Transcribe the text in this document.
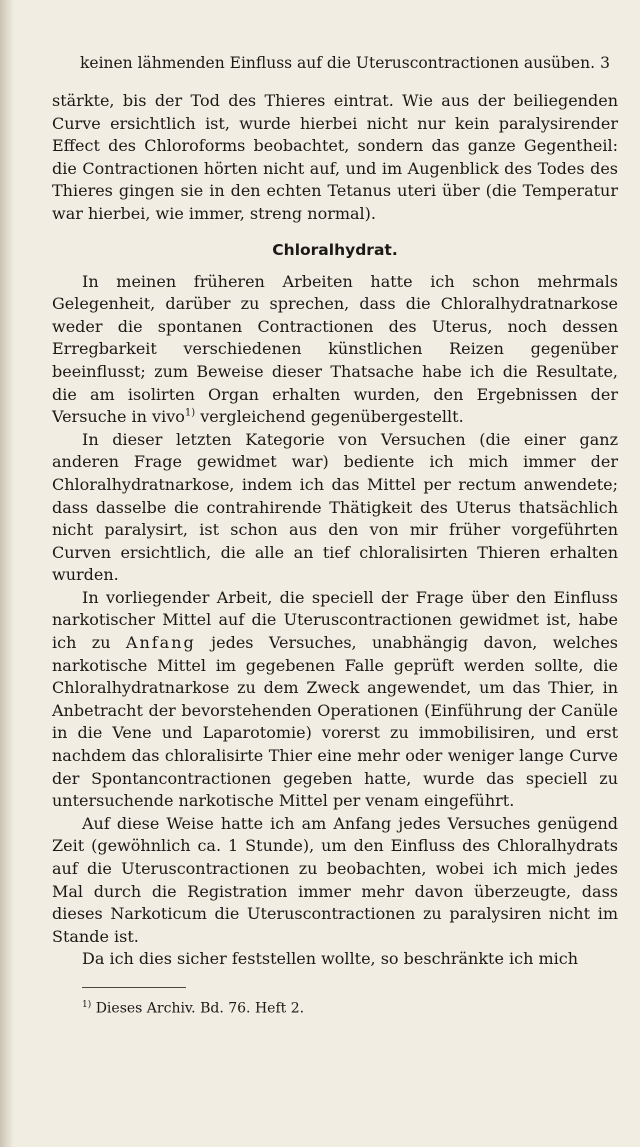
keinen lähmenden Einfluss auf die Uteruscontractionen ausüben. 3

stärkte, bis der Tod des Thieres eintrat. Wie aus der beiliegenden Curve ersichtlich ist, wurde hierbei nicht nur kein paralysirender Effect des Chloroforms beobachtet, sondern das ganze Gegentheil: die Contractionen hörten nicht auf, und im Augenblick des Todes des Thieres gingen sie in den echten Tetanus uteri über (die Temperatur war hierbei, wie immer, streng normal).

Chloralhydrat.

In meinen früheren Arbeiten hatte ich schon mehrmals Gelegenheit, darüber zu sprechen, dass die Chloralhydratnarkose weder die spontanen Contractionen des Uterus, noch dessen Erregbarkeit verschiedenen künstlichen Reizen gegenüber beeinflusst; zum Beweise dieser Thatsache habe ich die Resultate, die am isolirten Organ erhalten wurden, den Ergebnissen der Versuche in vivo$^{1)}$ vergleichend gegenübergestellt.

In dieser letzten Kategorie von Versuchen (die einer ganz anderen Frage gewidmet war) bediente ich mich immer der Chloralhydratnarkose, indem ich das Mittel per rectum anwendete; dass dasselbe die contrahirende Thätigkeit des Uterus thatsächlich nicht paralysirt, ist schon aus den von mir früher vorgeführten Curven ersichtlich, die alle an tief chloralisirten Thieren erhalten wurden.

In vorliegender Arbeit, die speciell der Frage über den Einfluss narkotischer Mittel auf die Uteruscontractionen gewidmet ist, habe ich zu Anfang jedes Versuches, unabhängig davon, welches narkotische Mittel im gegebenen Falle geprüft werden sollte, die Chloralhydratnarkose zu dem Zweck angewendet, um das Thier, in Anbetracht der bevorstehenden Operationen (Einführung der Canüle in die Vene und Laparotomie) vorerst zu immobilisiren, und erst nachdem das chloralisirte Thier eine mehr oder weniger lange Curve der Spontancontractionen gegeben hatte, wurde das speciell zu untersuchende narkotische Mittel per venam eingeführt.

Auf diese Weise hatte ich am Anfang jedes Versuches genügend Zeit (gewöhnlich ca. 1 Stunde), um den Einfluss des Chloralhydrats auf die Uteruscontractionen zu beobachten, wobei ich mich jedes Mal durch die Registration immer mehr davon überzeugte, dass dieses Narkoticum die Uteruscontractionen zu paralysiren nicht im Stande ist.

Da ich dies sicher feststellen wollte, so beschränkte ich mich

$^{1)}$ Dieses Archiv. Bd. 76. Heft 2.
